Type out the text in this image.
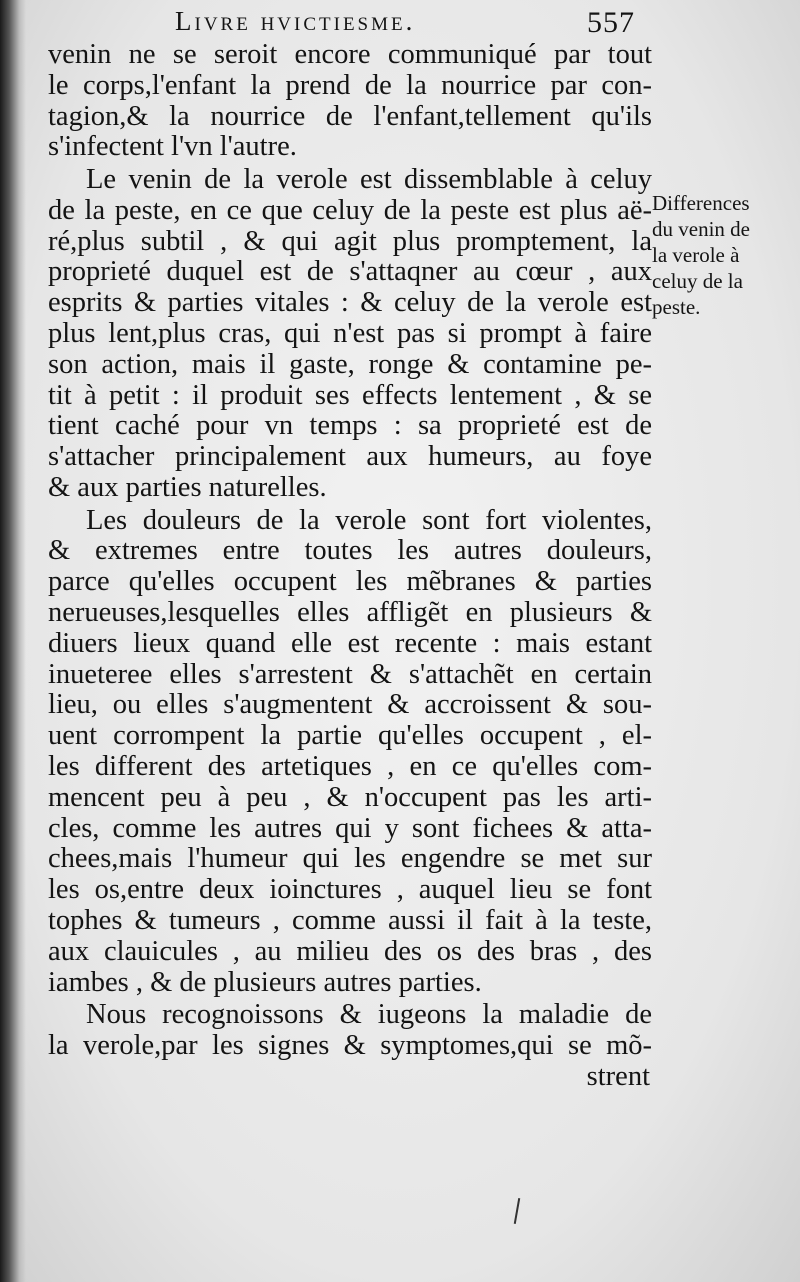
Livre hvictiesme.	557
venin ne se seroit encore communiqué par tout
le corps,l'enfant la prend de la nourrice par con-
tagion,& la nourrice de l'enfant,tellement qu'ils
s'infectent l'vn l'autre.
Le venin de la verole est dissemblable à celuy
de la peste, en ce que celuy de la peste est plus aë-
ré,plus subtil , & qui agit plus promptement, la
proprieté duquel est de s'attaqner au cœur , aux
esprits & parties vitales : & celuy de la verole est
plus lent,plus cras, qui n'est pas si prompt à faire
son action, mais il gaste, ronge & contamine pe-
tit à petit : il produit ses effects lentement , & se
tient caché pour vn temps : sa proprieté est de
s'attacher principalement aux humeurs, au foye
& aux parties naturelles.
Les douleurs de la verole sont fort violentes,
& extremes entre toutes les autres douleurs,
parce qu'elles occupent les mẽbranes & parties
nerueuses,lesquelles elles affligẽt en plusieurs &
diuers lieux quand elle est recente : mais estant
inueteree elles s'arrestent & s'attachẽt en certain
lieu, ou elles s'augmentent & accroissent & sou-
uent corrompent la partie qu'elles occupent , el-
les different des artetiques , en ce qu'elles com-
mencent peu à peu , & n'occupent pas les arti-
cles, comme les autres qui y sont fichees & atta-
chees,mais l'humeur qui les engendre se met sur
les os,entre deux ioinctures , auquel lieu se font
tophes & tumeurs , comme aussi il fait à la teste,
aux clauicules , au milieu des os des bras , des
iambes , & de plusieurs autres parties.
Nous recognoissons & iugeons la maladie de
la verole,par les signes & symptomes,qui se mõ-
strent
Differences
du venin de
la verole à
celuy de la
peste.
